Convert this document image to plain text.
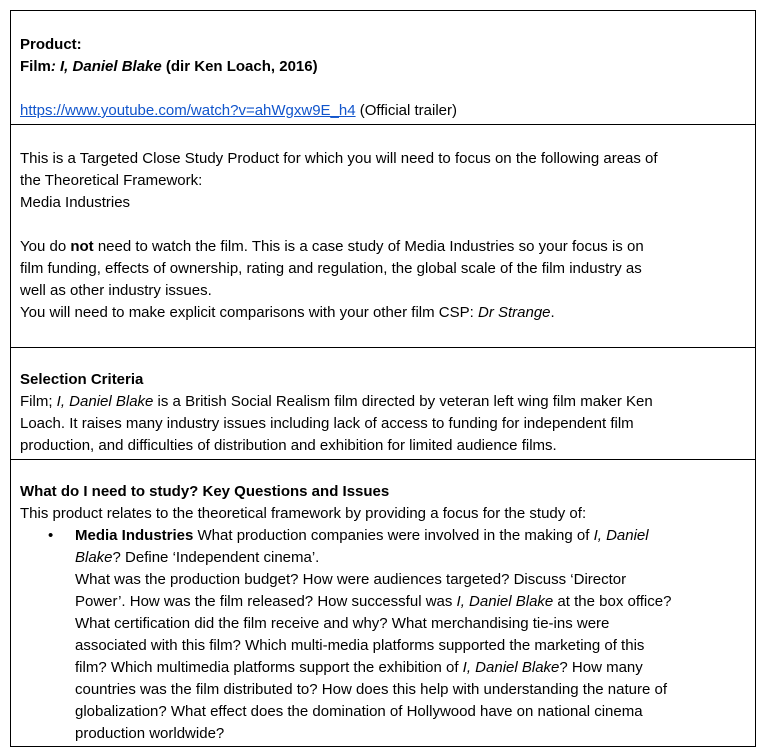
Product:
Film: I, Daniel Blake (dir Ken Loach, 2016)
https://www.youtube.com/watch?v=ahWgxw9E_h4 (Official trailer)
This is a Targeted Close Study Product for which you will need to focus on the following areas of
the Theoretical Framework:
Media Industries
You do not need to watch the film. This is a case study of Media Industries so your focus is on
film funding, effects of ownership, rating and regulation, the global scale of the film industry as
well as other industry issues.
You will need to make explicit comparisons with your other film CSP: Dr Strange.
Selection Criteria
Film; I, Daniel Blake is a British Social Realism film directed by veteran left wing film maker Ken
Loach. It raises many industry issues including lack of access to funding for independent film
production, and difficulties of distribution and exhibition for limited audience films.
What do I need to study? Key Questions and Issues
This product relates to the theoretical framework by providing a focus for the study of:
• Media Industries What production companies were involved in the making of I, Daniel
Blake? Define ‘Independent cinema’.
What was the production budget? How were audiences targeted? Discuss ‘Director
Power’. How was the film released? How successful was I, Daniel Blake at the box office?
What certification did the film receive and why? What merchandising tie-ins were
associated with this film? Which multi-media platforms supported the marketing of this
film? Which multimedia platforms support the exhibition of I, Daniel Blake? How many
countries was the film distributed to? How does this help with understanding the nature of
globalization? What effect does the domination of Hollywood have on national cinema
production worldwide?
